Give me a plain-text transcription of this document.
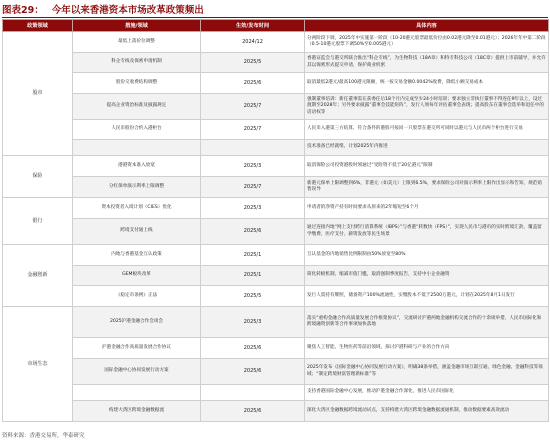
图表29： 今年以来香港资本市场改革政策频出
政策领域	措施/领域	生效/发布时间	具体内容
股市	最低上落价位调整	2024/12	分两阶段下调，2025年中实施第一阶段（10-20港元股票最低价位由0.02港元降至0.01港元）；2026年年中第二阶段（0.5-10港元股票下调50%至0.005港元）
	科企专线及保密申请机制	2025/5	香港证监会与港交所联合推出“科企专线”，为生物科技（18A章）和特专科技公司（18C章）提供上市前辅导，并允许其以保密形式提交申请，保护商业机密
	股份交收费结构调整	2025/6	取消最低2港元/最高100港元限额，统一按交易金额0.0042%收费，降低小额交易成本
	提高企业资治标准及披露规定	2025/7	强制董事培训：新任董事需在获委任后18个月内完成至少24小时培训；要求独立非执行董事不得连任9年以上，设过渡期至2028年；另外要求披露“董事会技能矩阵”，发行人须每年评估董事会表现；提高股东在董事会选举和退任中的话语权等
	人民币股份合约入港柜台	2025/7	人民币入港第三方结算，符合条件的港股可按同一只股票在港交所可同时以港元与人民币两个柜台进行交易
			技术准备已经就绪，计划2025年内推进
保险	港港资本准入放宽	2025/3	取消保险公司投资港股时须通过“受险资不低于20亿港元”限制
	分红保单演示利率上限调整	2025/7	新港元保单上限调整到6%，非港元（如美元）上限到6.5%，要求保险公司对演示利率上限作出显示和告知，规范销售误导
银行	资本投资者入境计划（CIES）优化	2025/3	申请者的净资产持有时间要求从原来的2年缩短至6个月
	跨境支付通上线	2025/6	通过连接内地“网上支付跨行清算系统（IBPS）”与香港“转数快（FPS）”，实现人民币与港币的实时跨境汇款，覆盖留学缴费、医疗支付、薪资发放等民生场景
金融创新	内地与香港基金互认政策	2025/1	互认基金的内地销售比例限制由50%放宽至80%
	GEM板块改革	2025/1	简化转板机制，缩减市值门槛，取消强制季度报告，支持中小企业融资
	《稳定币条例》正法	2025/5	发行人需持有牌照，储备资产100%流通性，实缴股本不低于2500万港元，计划在2025年8月1日发行
市场生态	2025沪港金融合作会谈会	2025/3	落实“重构金融合作高质量发展合作框架协议”，交流研讨沪港两地金融机构交流合作的十余项举措，人民币国际化和跨境融资创新等合作事项加快落地
	沪港金融合作高质量发展合作协议	2025/6	聚焦人工智能、生物医药等前沿领域，探讨沪港科研与产业的合作方向
	国际金融中心协同发展行动方案	2025/6	2025年发布《国际金融中心协同发展行动方案》，明确38条举措，涵盖金融市场互联互通、绿色金融、金融科技等领域；“制定跨境财富管理新标准”等
			支持香港国际金融中心发展，推动沪港金融合作深化，推进人民币国际化
	构建大湾区跨境金融数据流	2025/6	深化大湾区金融数据跨境流动试点，支持构建大湾区跨境金融数据流通机制，推动数据要素高效流动
资料来源：香港交易所，华泰研究
